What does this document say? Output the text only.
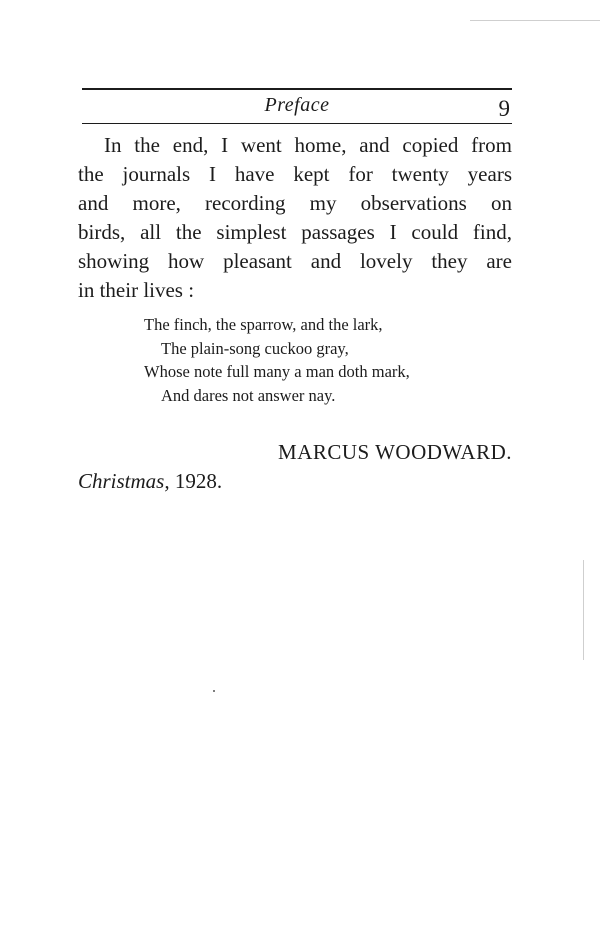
Preface	9

In the end, I went home, and copied from
the journals I have kept for twenty years
and more, recording my observations on
birds, all the simplest passages I could find,
showing how pleasant and lovely they are
in their lives :

The finch, the sparrow, and the lark,
The plain-song cuckoo gray,
Whose note full many a man doth mark,
And dares not answer nay.
MARCUS WOODWARD.
Christmas, 1928.
